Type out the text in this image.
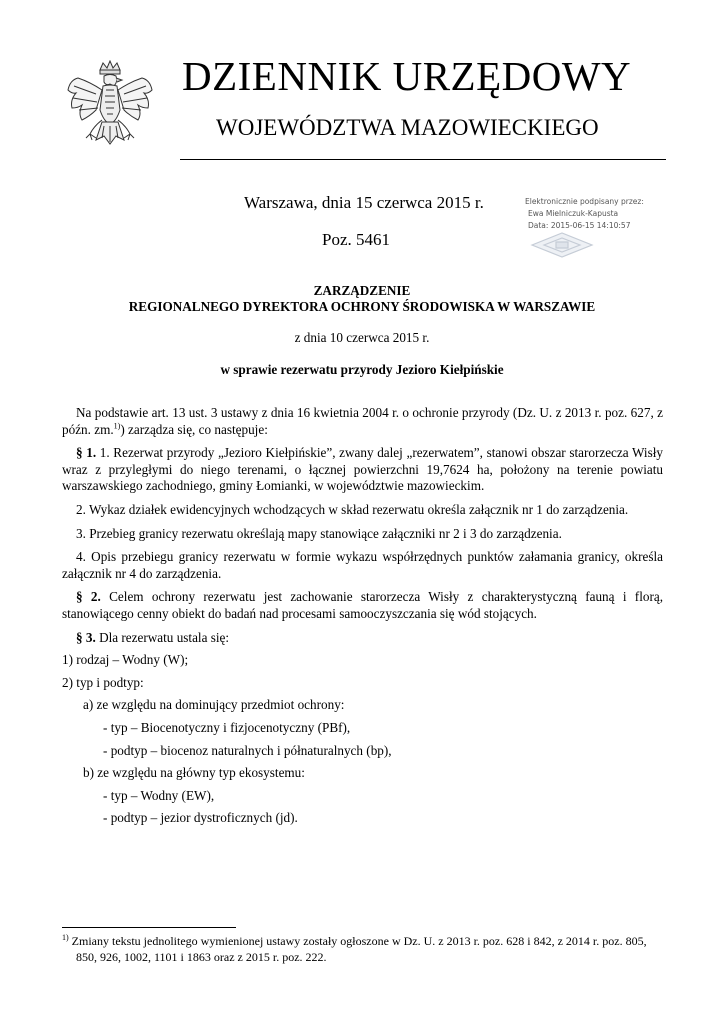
DZIENNIK URZĘDOWY
WOJEWÓDZTWA MAZOWIECKIEGO
Warszawa, dnia 15 czerwca 2015 r.
Poz. 5461
Elektronicznie podpisany przez:
Ewa Mielniczuk-Kapusta
Data: 2015-06-15 14:10:57
ZARZĄDZENIE
REGIONALNEGO DYREKTORA OCHRONY ŚRODOWISKA W WARSZAWIE
z dnia 10 czerwca 2015 r.
w sprawie rezerwatu przyrody Jezioro Kiełpińskie

Na podstawie art. 13 ust. 3 ustawy z dnia 16 kwietnia 2004 r. o ochronie przyrody (Dz. U. z 2013 r. poz. 627, z późn. zm.$^{1)}$) zarządza się, co następuje:

§ 1. 1. Rezerwat przyrody „Jezioro Kiełpińskie”, zwany dalej „rezerwatem”, stanowi obszar starorzecza Wisły wraz z przyległymi do niego terenami, o łącznej powierzchni 19,7624 ha, położony na terenie powiatu warszawskiego zachodniego, gminy Łomianki, w województwie mazowieckim.

2. Wykaz działek ewidencyjnych wchodzących w skład rezerwatu określa załącznik nr 1 do zarządzenia.

3. Przebieg granicy rezerwatu określają mapy stanowiące załączniki nr 2 i 3 do zarządzenia.

4. Opis przebiegu granicy rezerwatu w formie wykazu współrzędnych punktów załamania granicy, określa załącznik nr 4 do zarządzenia.

§ 2. Celem ochrony rezerwatu jest zachowanie starorzecza Wisły z charakterystyczną fauną i florą, stanowiącego cenny obiekt do badań nad procesami samooczyszczania się wód stojących.

§ 3. Dla rezerwatu ustala się:

1) rodzaj – Wodny (W);

2) typ i podtyp:

a) ze względu na dominujący przedmiot ochrony:

- typ – Biocenotyczny i fizjocenotyczny (PBf),

- podtyp – biocenoz naturalnych i półnaturalnych (bp),

b) ze względu na główny typ ekosystemu:

- typ – Wodny (EW),

- podtyp – jezior dystroficznych (jd).

$^{1)}$ Zmiany tekstu jednolitego wymienionej ustawy zostały ogłoszone w Dz. U. z 2013 r. poz. 628 i 842, z 2014 r. poz. 805,
850, 926, 1002, 1101 i 1863 oraz z 2015 r. poz. 222.
